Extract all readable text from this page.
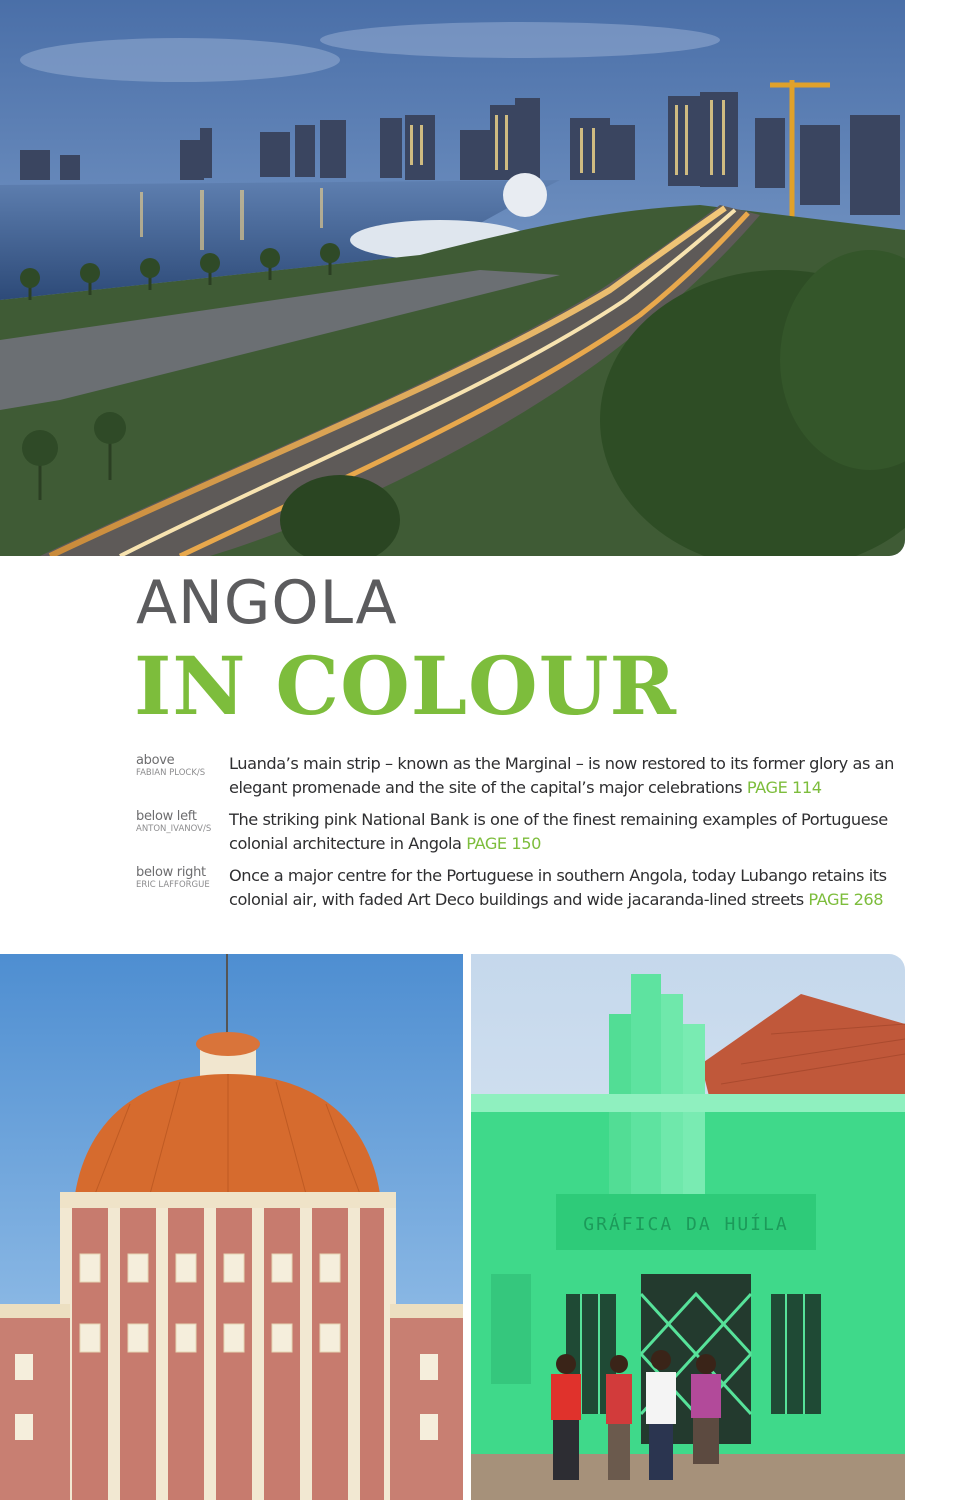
ANGOLA
IN COLOUR
above
FABIAN PLOCK/S	Luanda’s main strip – known as the Marginal – is now restored to its former glory as an elegant promenade and the site of the capital’s major celebrations PAGE 114
below left
ANTON_IVANOV/S	The striking pink National Bank is one of the finest remaining examples of Portuguese colonial architecture in Angola PAGE 150
below right
ERIC LAFFORGUE	Once a major centre for the Portuguese in southern Angola, today Lubango retains its colonial air, with faded Art Deco buildings and wide jacaranda-lined streets PAGE 268
GRÁFICA DA HUÍLA
